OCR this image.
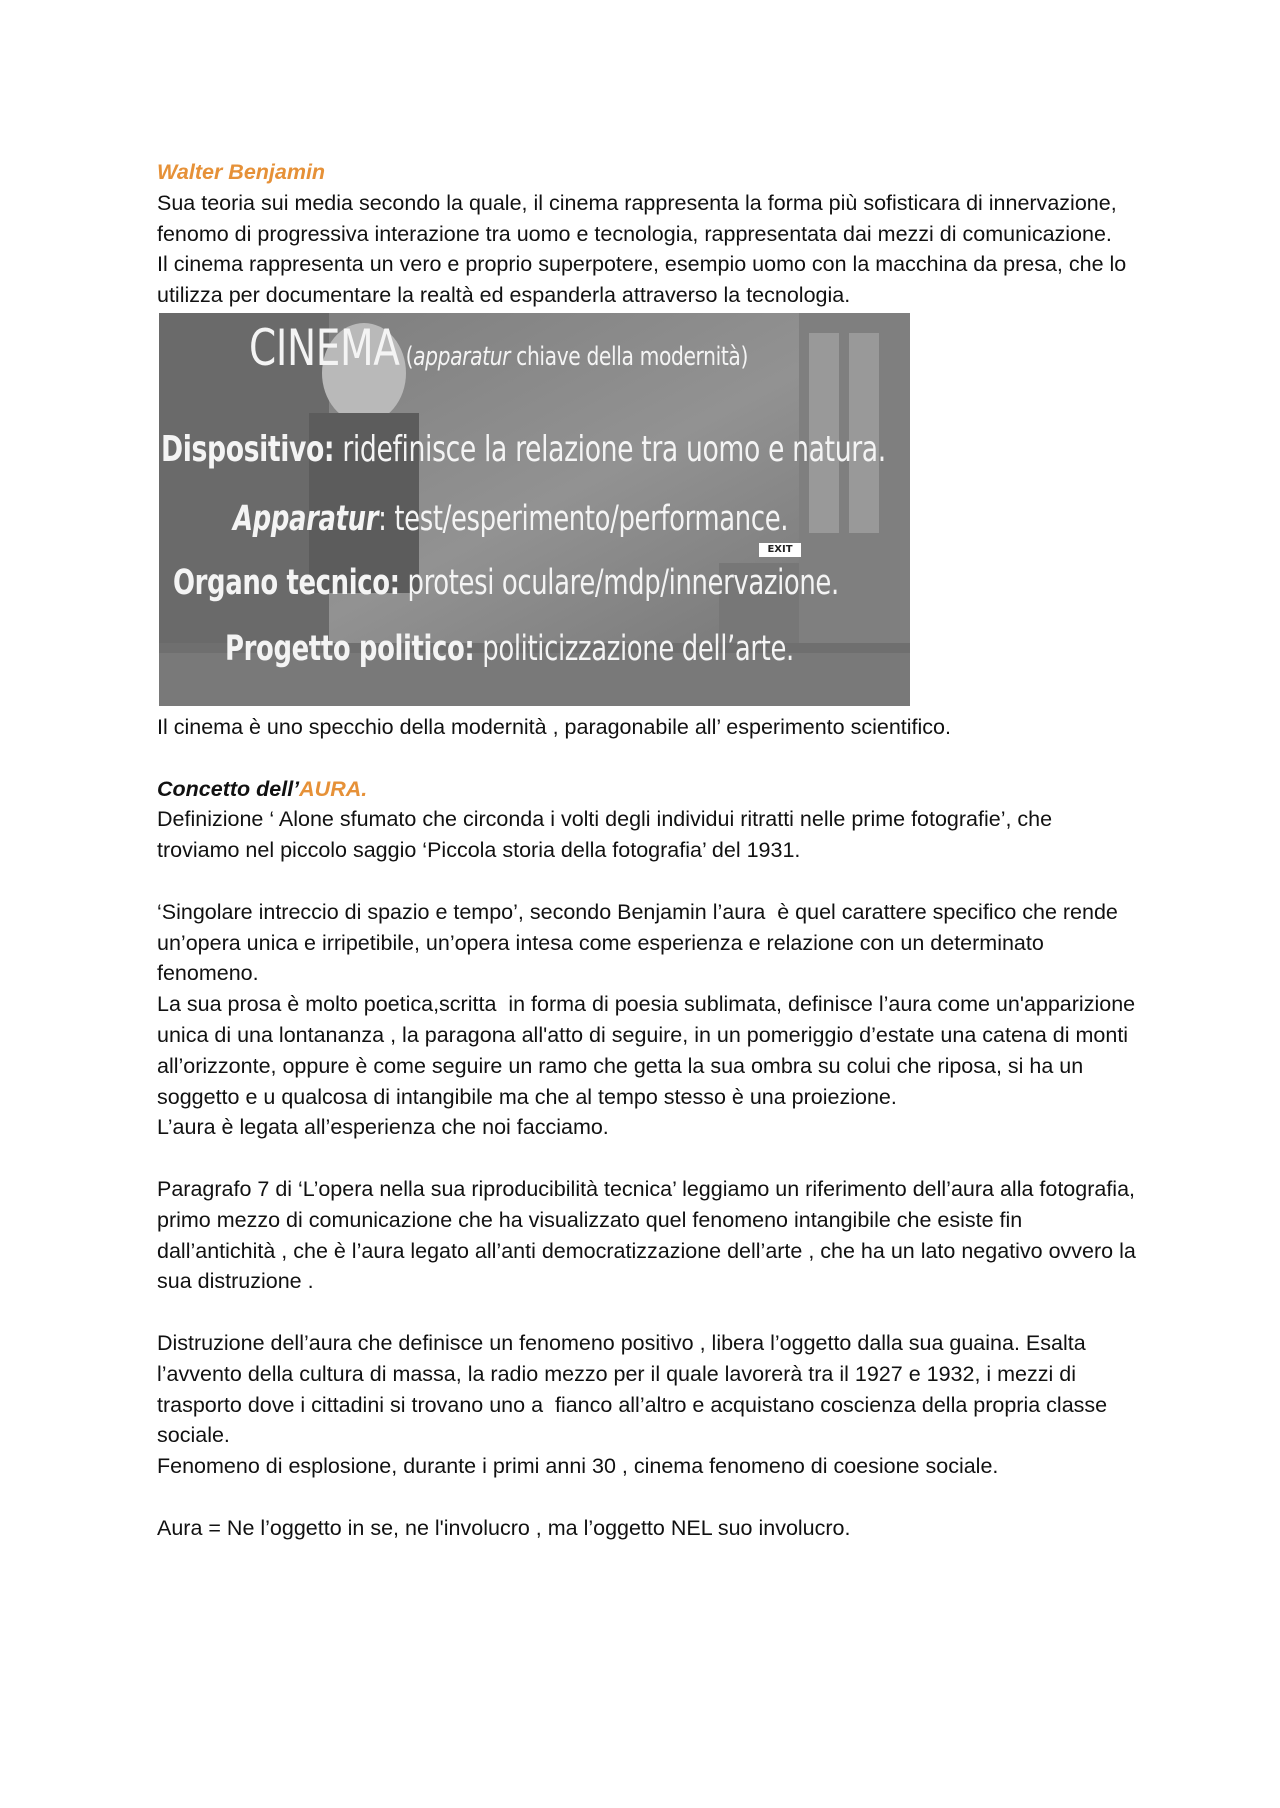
Walter Benjamin

Sua teoria sui media secondo la quale, il cinema rappresenta la forma più sofisticara di innervazione, fenomo di progressiva interazione tra uomo e tecnologia, rappresentata dai mezzi di comunicazione.

Il cinema rappresenta un vero e proprio superpotere, esempio uomo con la macchina da presa, che lo utilizza per documentare la realtà ed espanderla attraverso la tecnologia.

EXIT
CINEMA (apparatur chiave della modernità)
Dispositivo: ridefinisce la relazione tra uomo e natura.
Apparatur: test/esperimento/performance.
Organo tecnico: protesi oculare/mdp/innervazione.
Progetto politico: politicizzazione dell’arte.

Il cinema è uno specchio della modernità , paragonabile all’ esperimento scientifico.

Concetto dell’AURA.

Definizione ‘ Alone sfumato che circonda i volti degli individui ritratti nelle prime fotografie’, che troviamo nel piccolo saggio ‘Piccola storia della fotografia’ del 1931.

‘Singolare intreccio di spazio e tempo’, secondo Benjamin l’aura  è quel carattere specifico che rende un’opera unica e irripetibile, un’opera intesa come esperienza e relazione con un determinato fenomeno.

La sua prosa è molto poetica,scritta  in forma di poesia sublimata, definisce l’aura come un'apparizione unica di una lontananza , la paragona all'atto di seguire, in un pomeriggio d’estate una catena di monti all’orizzonte, oppure è come seguire un ramo che getta la sua ombra su colui che riposa, si ha un soggetto e u qualcosa di intangibile ma che al tempo stesso è una proiezione.

L’aura è legata all’esperienza che noi facciamo.

Paragrafo 7 di ‘L’opera nella sua riproducibilità tecnica’ leggiamo un riferimento dell’aura alla fotografia, primo mezzo di comunicazione che ha visualizzato quel fenomeno intangibile che esiste fin dall’antichità , che è l’aura legato all’anti democratizzazione dell’arte , che ha un lato negativo ovvero la sua distruzione .

Distruzione dell’aura che definisce un fenomeno positivo , libera l’oggetto dalla sua guaina. Esalta l’avvento della cultura di massa, la radio mezzo per il quale lavorerà tra il 1927 e 1932, i mezzi di trasporto dove i cittadini si trovano uno a  fianco all’altro e acquistano coscienza della propria classe sociale.

Fenomeno di esplosione, durante i primi anni 30 , cinema fenomeno di coesione sociale.

Aura = Ne l’oggetto in se, ne l'involucro , ma l’oggetto NEL suo involucro.
